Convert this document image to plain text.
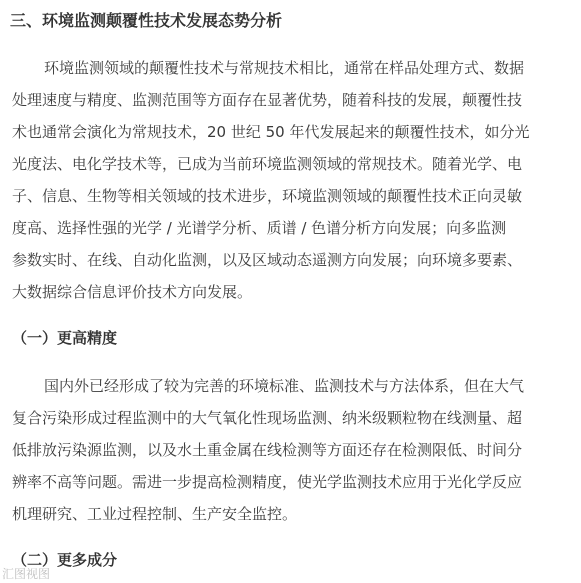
三、环境监测颠覆性技术发展态势分析
环境监测领域的颠覆性技术与常规技术相比，通常在样品处理方式、数据
处理速度与精度、监测范围等方面存在显著优势，随着科技的发展，颠覆性技
术也通常会演化为常规技术，20 世纪 50 年代发展起来的颠覆性技术，如分光
光度法、电化学技术等，已成为当前环境监测领域的常规技术。随着光学、电
子、信息、生物等相关领域的技术进步，环境监测领域的颠覆性技术正向灵敏
度高、选择性强的光学 / 光谱学分析、质谱 / 色谱分析方向发展；向多监测
参数实时、在线、自动化监测，以及区域动态遥测方向发展；向环境多要素、
大数据综合信息评价技术方向发展。
（一）更高精度
国内外已经形成了较为完善的环境标准、监测技术与方法体系，但在大气
复合污染形成过程监测中的大气氧化性现场监测、纳米级颗粒物在线测量、超
低排放污染源监测，以及水土重金属在线检测等方面还存在检测限低、时间分
辨率不高等问题。需进一步提高检测精度，使光学监测技术应用于光化学反应
机理研究、工业过程控制、生产安全监控。
（二）更多成分
汇图视图
